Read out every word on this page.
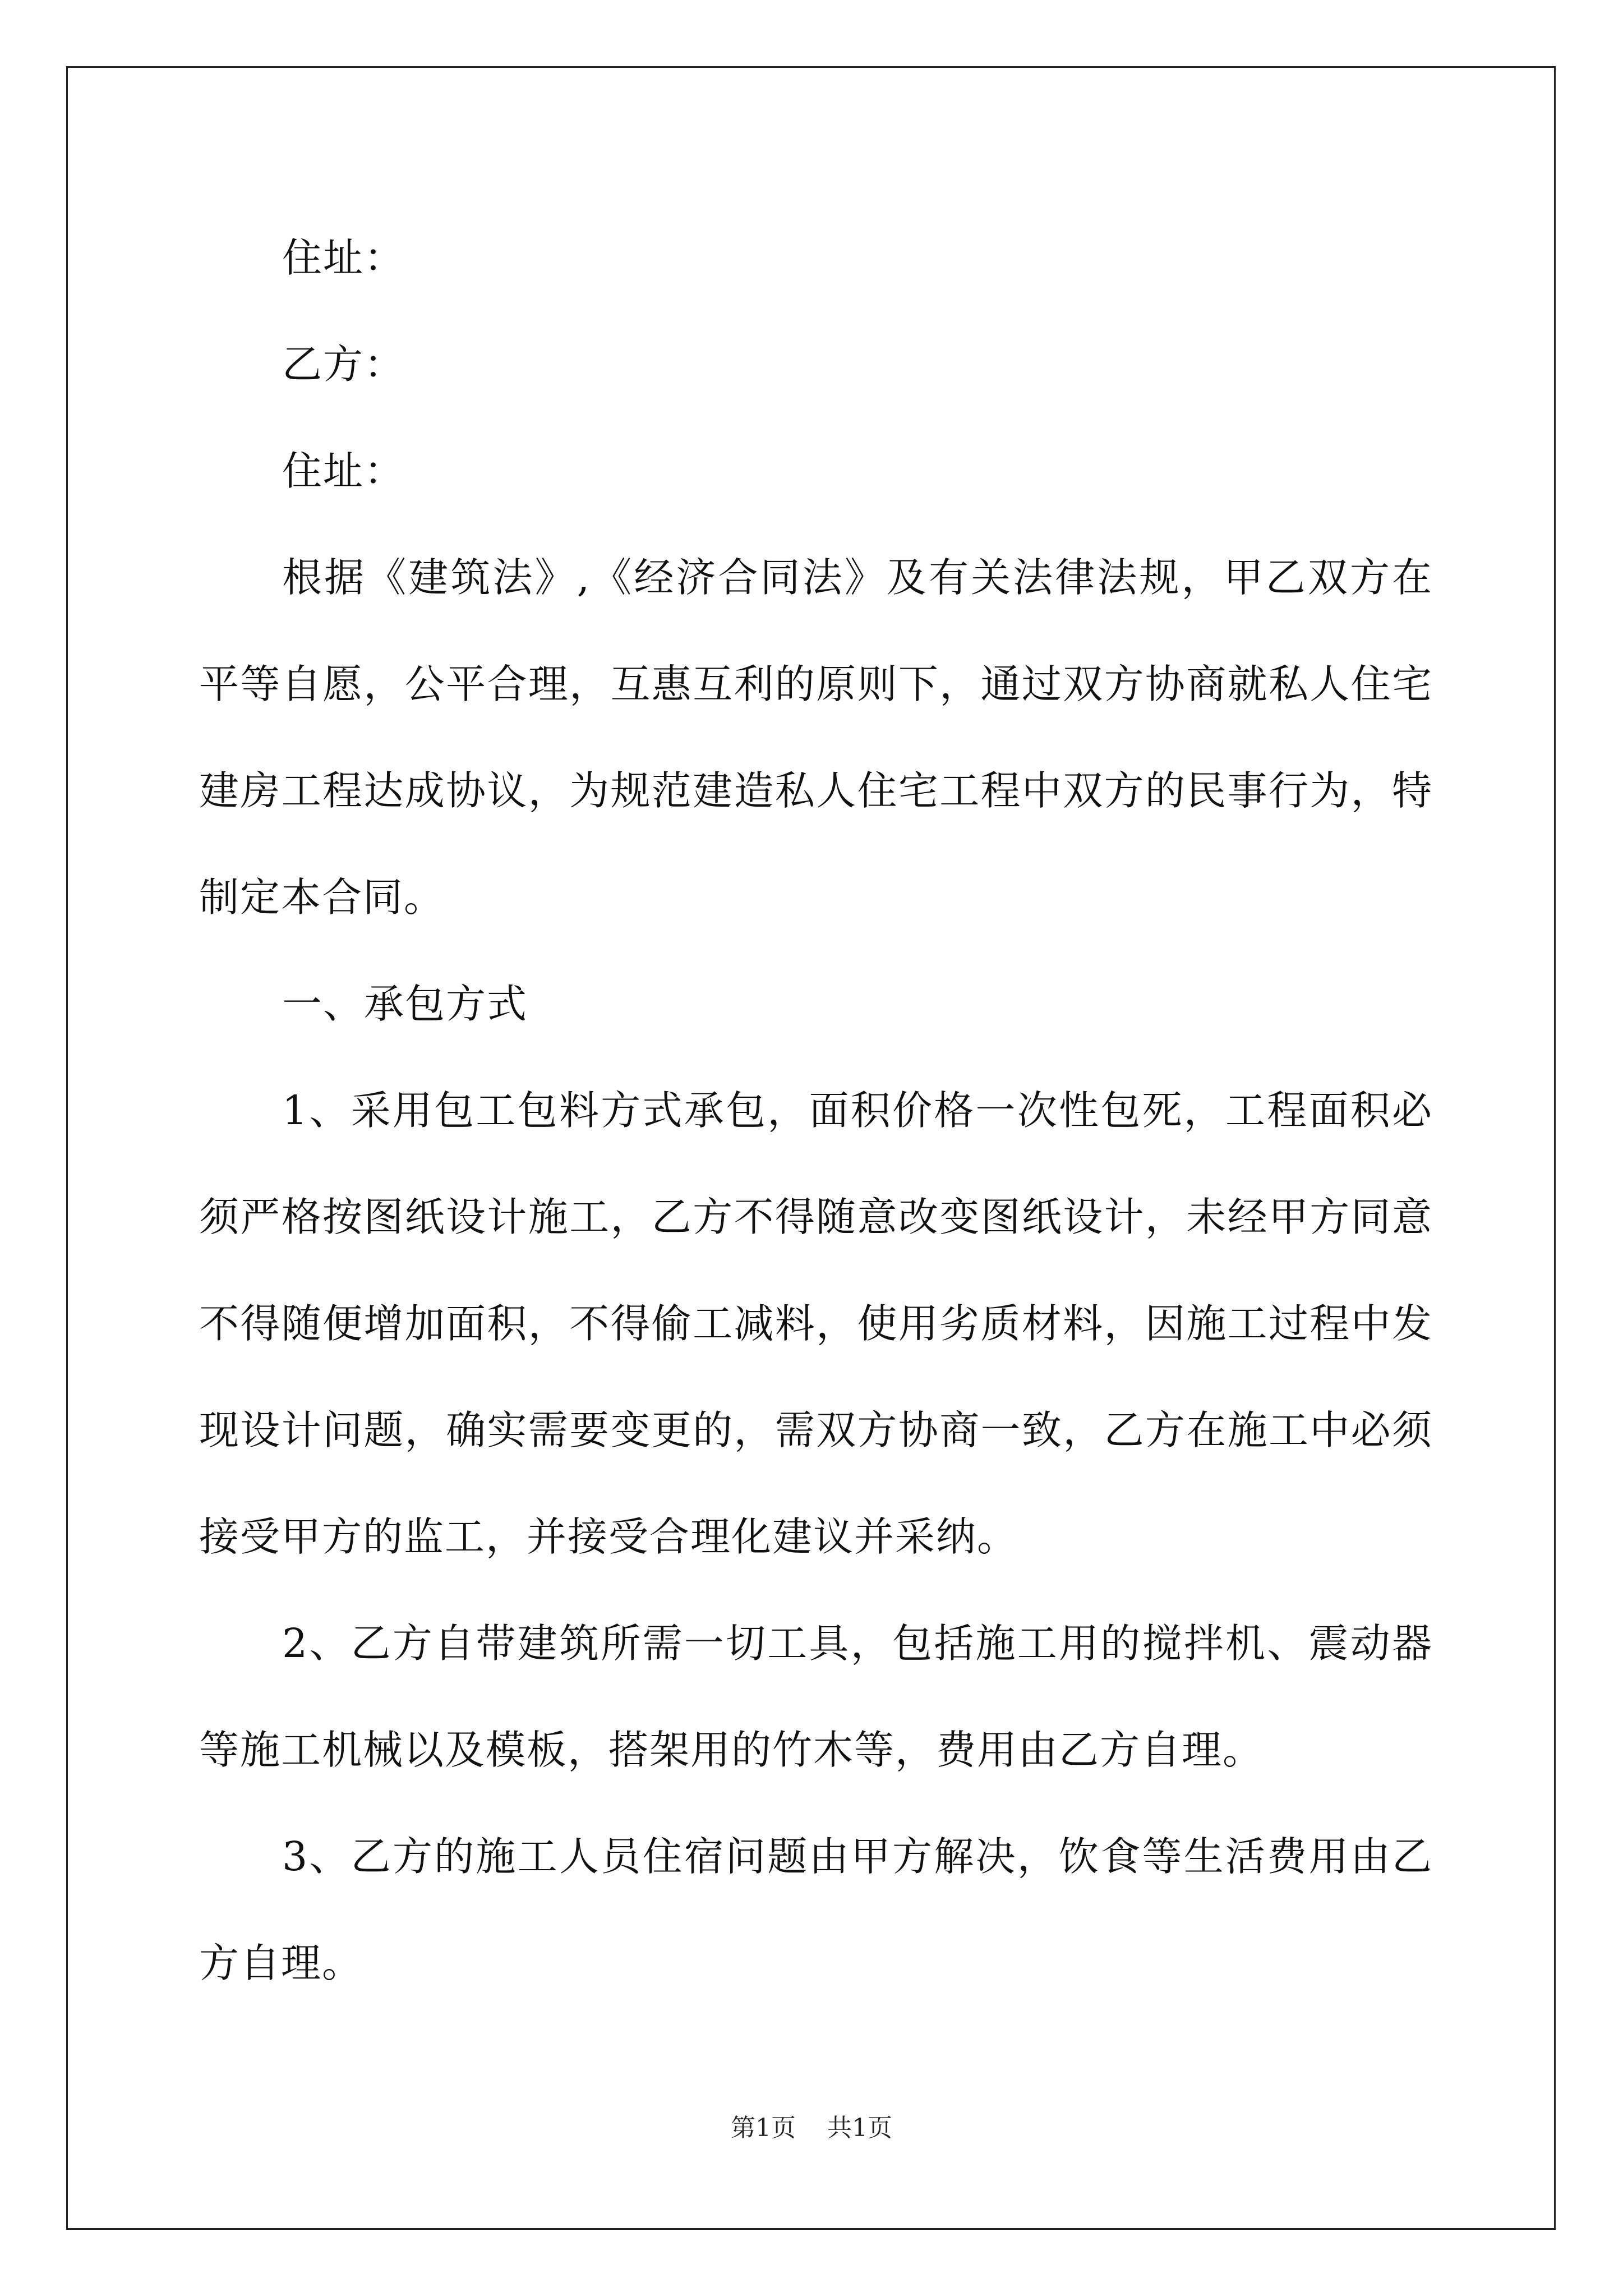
住址：

乙方：

住址：

根据《建筑法》,《经济合同法》及有关法律法规，甲乙双方在平等自愿，公平合理，互惠互利的原则下，通过双方协商就私人住宅建房工程达成协议，为规范建造私人住宅工程中双方的民事行为，特制定本合同。

一、承包方式

1、采用包工包料方式承包，面积价格一次性包死，工程面积必须严格按图纸设计施工，乙方不得随意改变图纸设计，未经甲方同意不得随便增加面积，不得偷工减料，使用劣质材料，因施工过程中发现设计问题，确实需要变更的，需双方协商一致，乙方在施工中必须接受甲方的监工，并接受合理化建议并采纳。

2、乙方自带建筑所需一切工具，包括施工用的搅拌机、震动器等施工机械以及模板，搭架用的竹木等，费用由乙方自理。

3、乙方的施工人员住宿问题由甲方解决，饮食等生活费用由乙方自理。

第1页 共1页
